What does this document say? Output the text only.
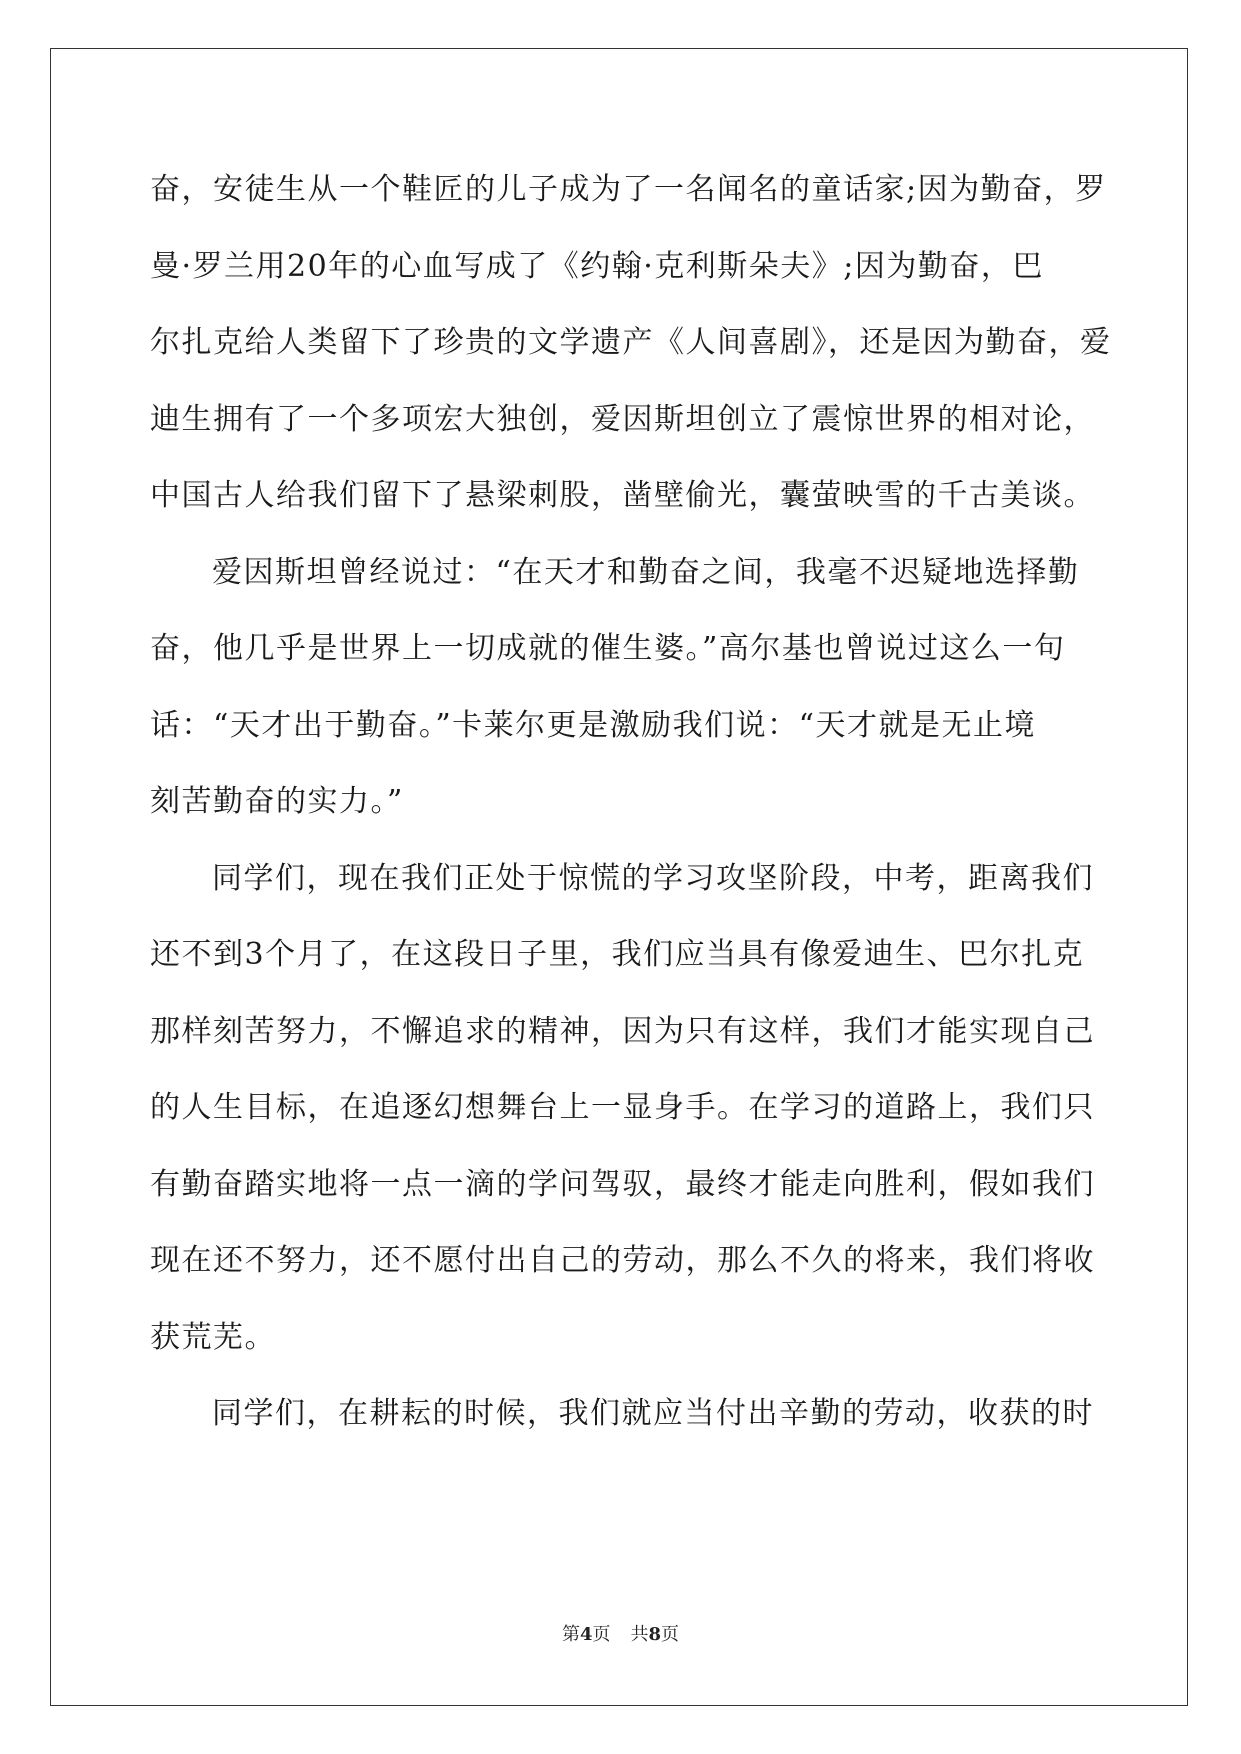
奋，安徒生从一个鞋匠的儿子成为了一名闻名的童话家;因为勤奋，罗
曼·罗兰用20年的心血写成了《约翰·克利斯朵夫》;因为勤奋，巴
尔扎克给人类留下了珍贵的文学遗产《人间喜剧》，还是因为勤奋，爱
迪生拥有了一个多项宏大独创，爱因斯坦创立了震惊世界的相对论，
中国古人给我们留下了悬梁刺股，凿壁偷光，囊萤映雪的千古美谈。
爱因斯坦曾经说过：“在天才和勤奋之间，我毫不迟疑地选择勤
奋，他几乎是世界上一切成就的催生婆。”高尔基也曾说过这么一句
话：“天才出于勤奋。”卡莱尔更是激励我们说：“天才就是无止境
刻苦勤奋的实力。”
同学们，现在我们正处于惊慌的学习攻坚阶段，中考，距离我们
还不到3个月了，在这段日子里，我们应当具有像爱迪生、巴尔扎克
那样刻苦努力，不懈追求的精神，因为只有这样，我们才能实现自己
的人生目标，在追逐幻想舞台上一显身手。在学习的道路上，我们只
有勤奋踏实地将一点一滴的学问驾驭，最终才能走向胜利，假如我们
现在还不努力，还不愿付出自己的劳动，那么不久的将来，我们将收
获荒芜。
同学们，在耕耘的时候，我们就应当付出辛勤的劳动，收获的时
第4页 共8页
